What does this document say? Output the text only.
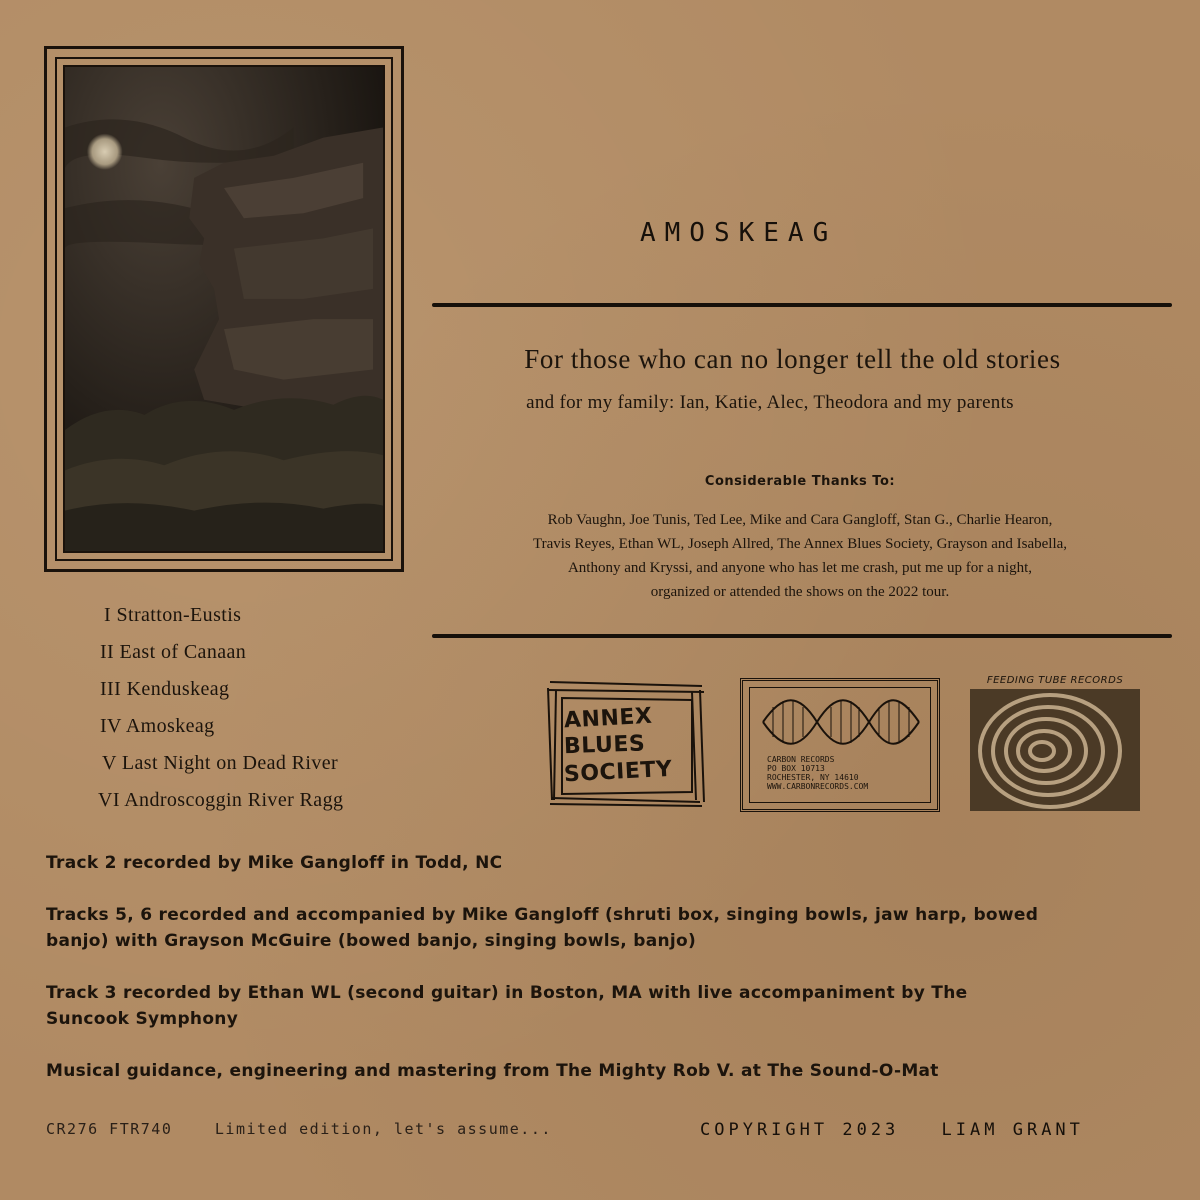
AMOSKEAG
For those who can no longer tell the old stories
and for my family: Ian, Katie, Alec, Theodora and my parents
Considerable Thanks To:
Rob Vaughn, Joe Tunis, Ted Lee, Mike and Cara Gangloff, Stan G., Charlie Hearon,
Travis Reyes, Ethan WL, Joseph Allred, The Annex Blues Society, Grayson and Isabella,
Anthony and Kryssi, and anyone who has let me crash, put me up for a night,
organized or attended the shows on the 2022 tour.
I Stratton-Eustis
II East of Canaan
III Kenduskeag
IV Amoskeag
V Last Night on Dead River
VI Androscoggin River Ragg
ANNEX
BLUES
SOCIETY	CARBON RECORDS
PO BOX 10713
ROCHESTER, NY 14610
WWW.CARBONRECORDS.COM
FEEDING TUBE RECORDS
Track 2 recorded by Mike Gangloff in Todd, NC
Tracks 5, 6 recorded and accompanied by Mike Gangloff (shruti box, singing bowls, jaw harp, bowed banjo) with Grayson McGuire (bowed banjo, singing bowls, banjo)
Track 3 recorded by Ethan WL (second guitar) in Boston, MA with live accompaniment by The Suncook Symphony
Musical guidance, engineering and mastering from The Mighty Rob V. at The Sound-O-Mat
CR276 FTR740	Limited edition, let's assume...	COPYRIGHT 2023 LIAM GRANT
